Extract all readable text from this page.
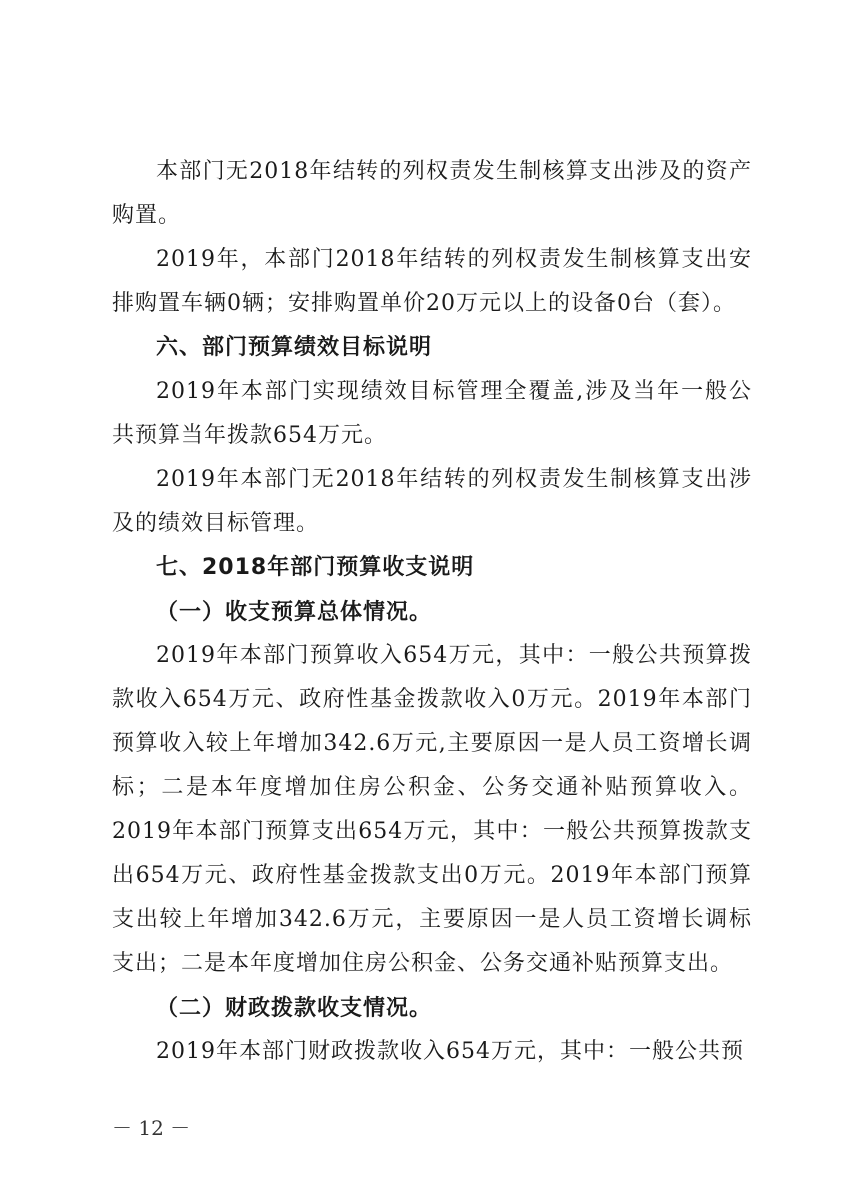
本部门无2018年结转的列权责发生制核算支出涉及的资产购置。

2019年，本部门2018年结转的列权责发生制核算支出安排购置车辆0辆；安排购置单价20万元以上的设备0台（套）。

六、部门预算绩效目标说明

2019年本部门实现绩效目标管理全覆盖,涉及当年一般公共预算当年拨款654万元。

2019年本部门无2018年结转的列权责发生制核算支出涉及的绩效目标管理。

七、2018年部门预算收支说明

（一）收支预算总体情况。

2019年本部门预算收入654万元，其中：一般公共预算拨款收入654万元、政府性基金拨款收入0万元。2019年本部门预算收入较上年增加342.6万元,主要原因一是人员工资增长调标；二是本年度增加住房公积金、公务交通补贴预算收入。2019年本部门预算支出654万元，其中：一般公共预算拨款支出654万元、政府性基金拨款支出0万元。2019年本部门预算支出较上年增加342.6万元，主要原因一是人员工资增长调标支出；二是本年度增加住房公积金、公务交通补贴预算支出。

（二）财政拨款收支情况。

2019年本部门财政拨款收入654万元，其中：一般公共预

－ 12 －
